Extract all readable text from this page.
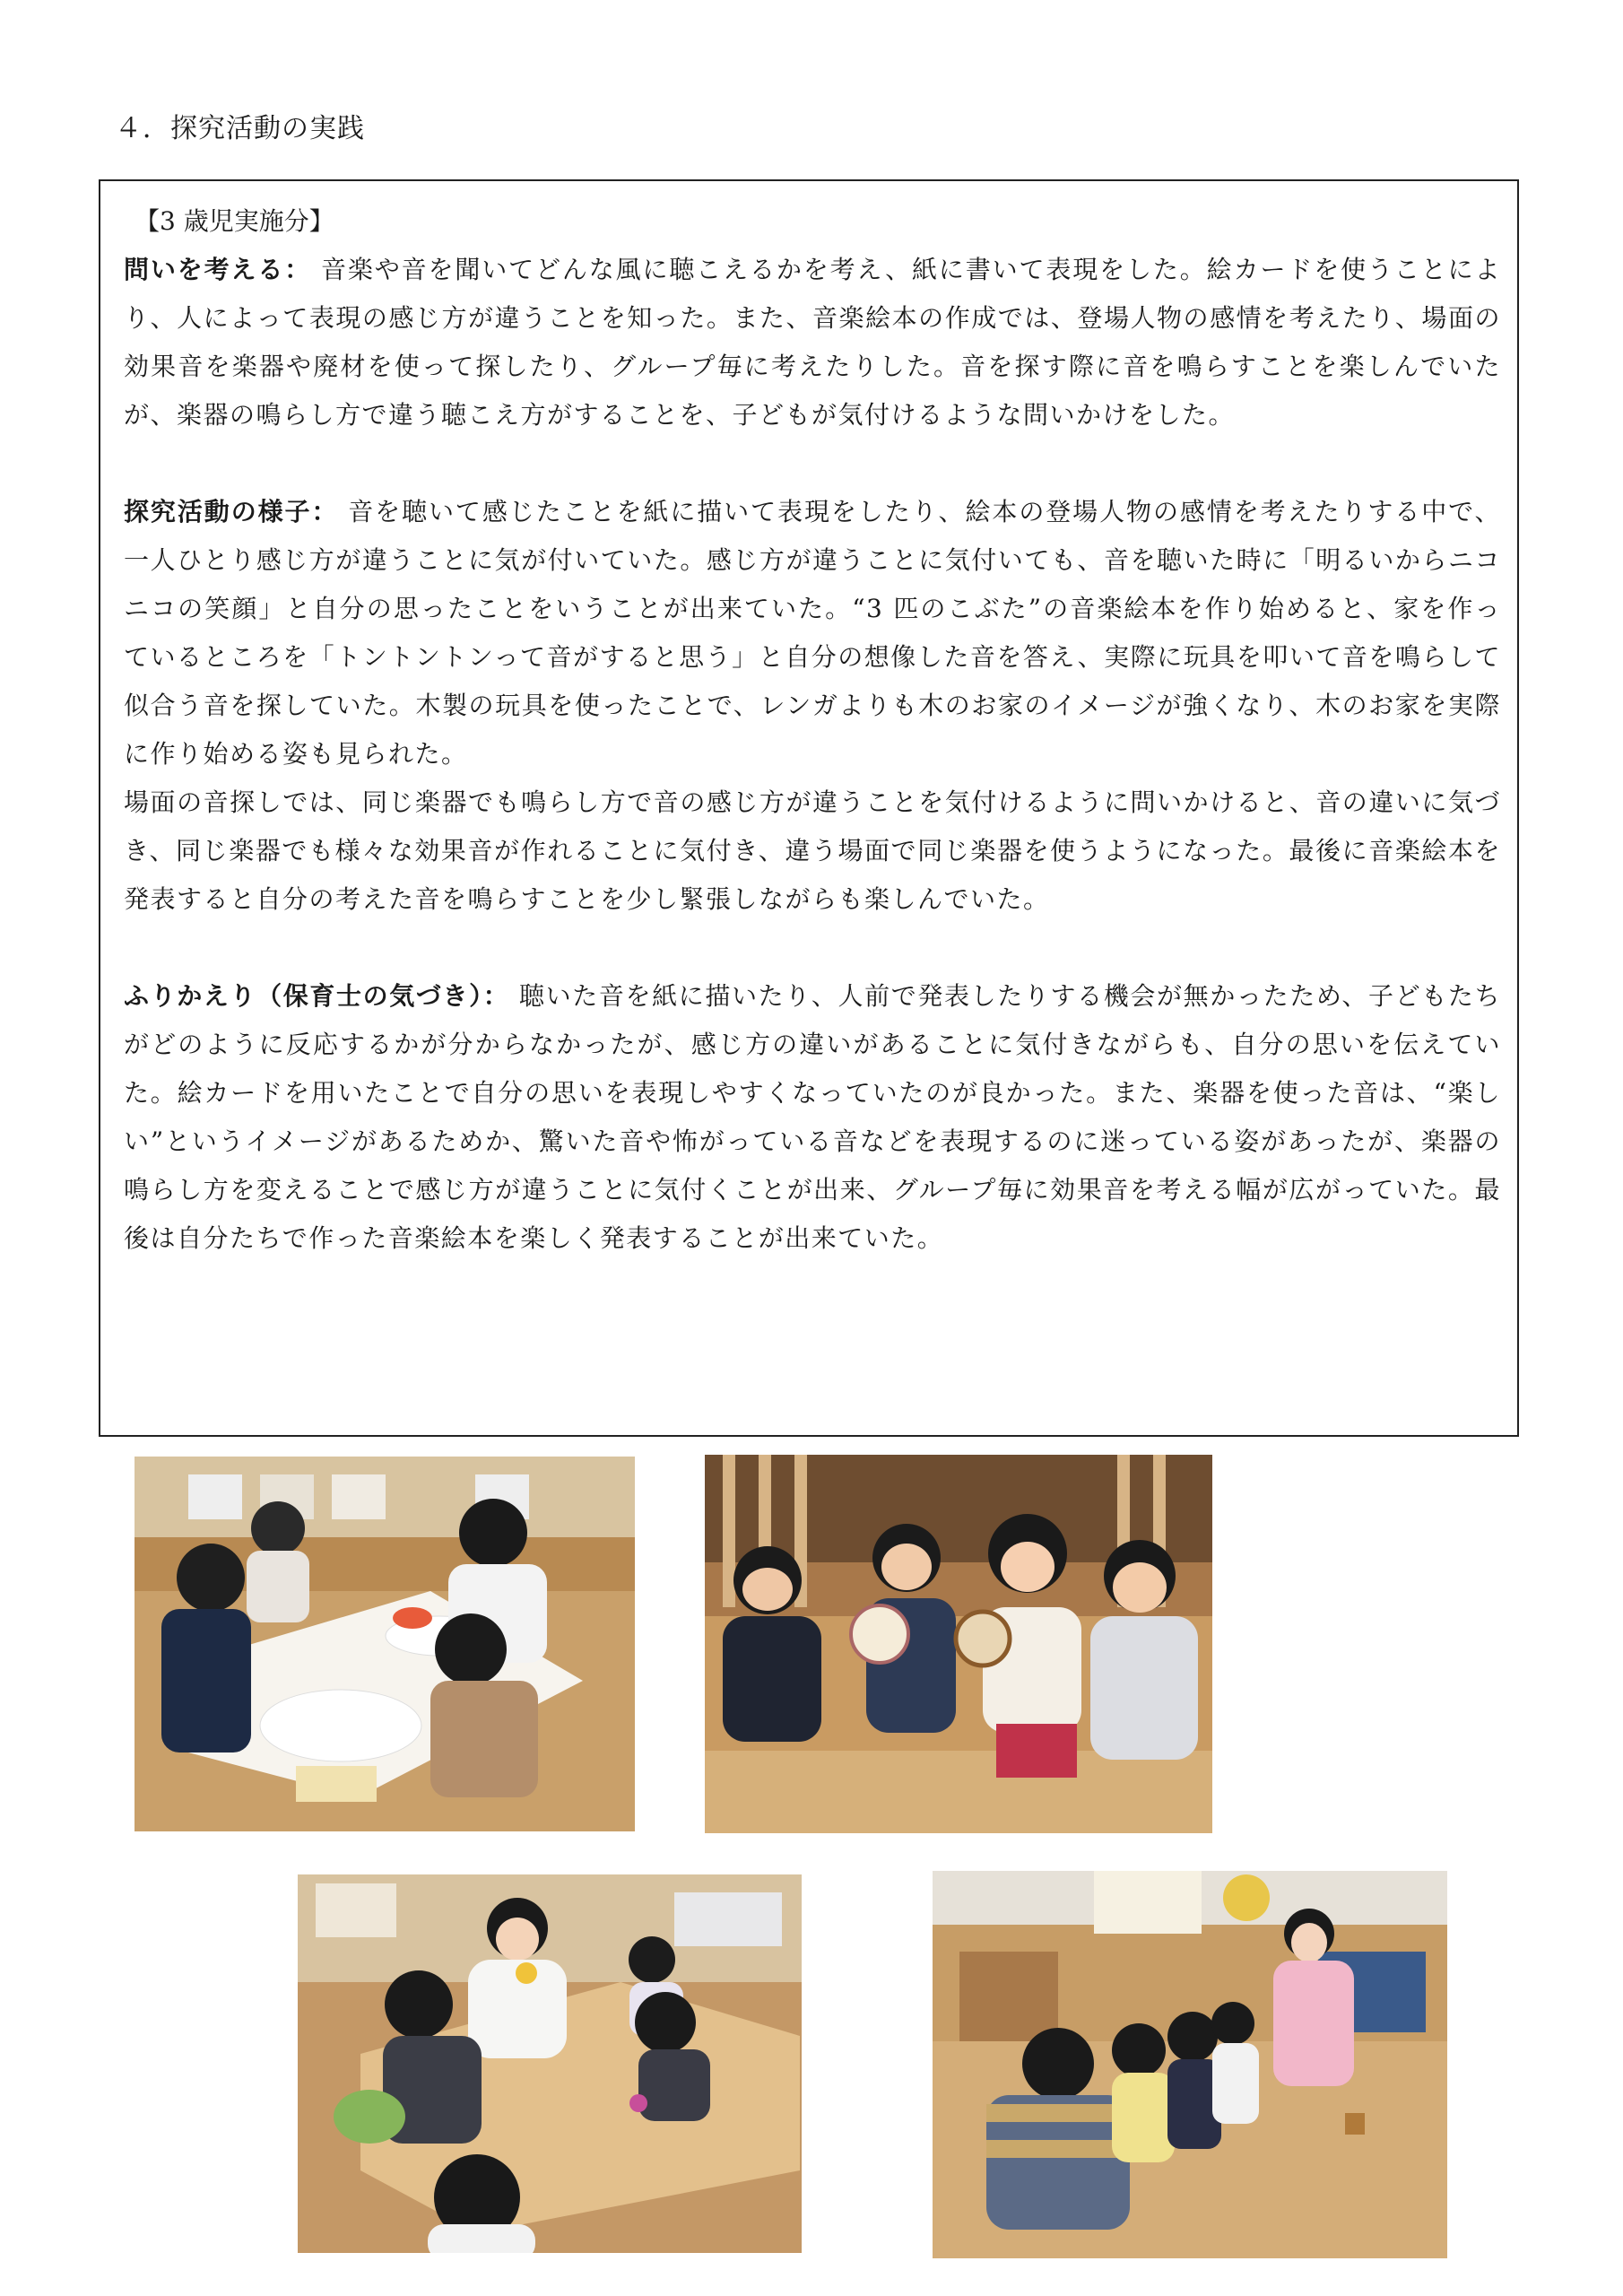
４．探究活動の実践
【3 歳児実施分】
問いを考える： 音楽や音を聞いてどんな風に聴こえるかを考え、紙に書いて表現をした。絵カードを使うことにより、人によって表現の感じ方が違うことを知った。また、音楽絵本の作成では、登場人物の感情を考えたり、場面の効果音を楽器や廃材を使って探したり、グループ毎に考えたりした。音を探す際に音を鳴らすことを楽しんでいたが、楽器の鳴らし方で違う聴こえ方がすることを、子どもが気付けるような問いかけをした。
探究活動の様子： 音を聴いて感じたことを紙に描いて表現をしたり、絵本の登場人物の感情を考えたりする中で、一人ひとり感じ方が違うことに気が付いていた。感じ方が違うことに気付いても、音を聴いた時に「明るいからニコニコの笑顔」と自分の思ったことをいうことが出来ていた。“3 匹のこぶた”の音楽絵本を作り始めると、家を作っているところを「トントントンって音がすると思う」と自分の想像した音を答え、実際に玩具を叩いて音を鳴らして似合う音を探していた。木製の玩具を使ったことで、レンガよりも木のお家のイメージが強くなり、木のお家を実際に作り始める姿も見られた。
場面の音探しでは、同じ楽器でも鳴らし方で音の感じ方が違うことを気付けるように問いかけると、音の違いに気づき、同じ楽器でも様々な効果音が作れることに気付き、違う場面で同じ楽器を使うようになった。最後に音楽絵本を発表すると自分の考えた音を鳴らすことを少し緊張しながらも楽しんでいた。
ふりかえり（保育士の気づき）： 聴いた音を紙に描いたり、人前で発表したりする機会が無かったため、子どもたちがどのように反応するかが分からなかったが、感じ方の違いがあることに気付きながらも、自分の思いを伝えていた。絵カードを用いたことで自分の思いを表現しやすくなっていたのが良かった。また、楽器を使った音は、“楽しい”というイメージがあるためか、驚いた音や怖がっている音などを表現するのに迷っている姿があったが、楽器の鳴らし方を変えることで感じ方が違うことに気付くことが出来、グループ毎に効果音を考える幅が広がっていた。最後は自分たちで作った音楽絵本を楽しく発表することが出来ていた。
